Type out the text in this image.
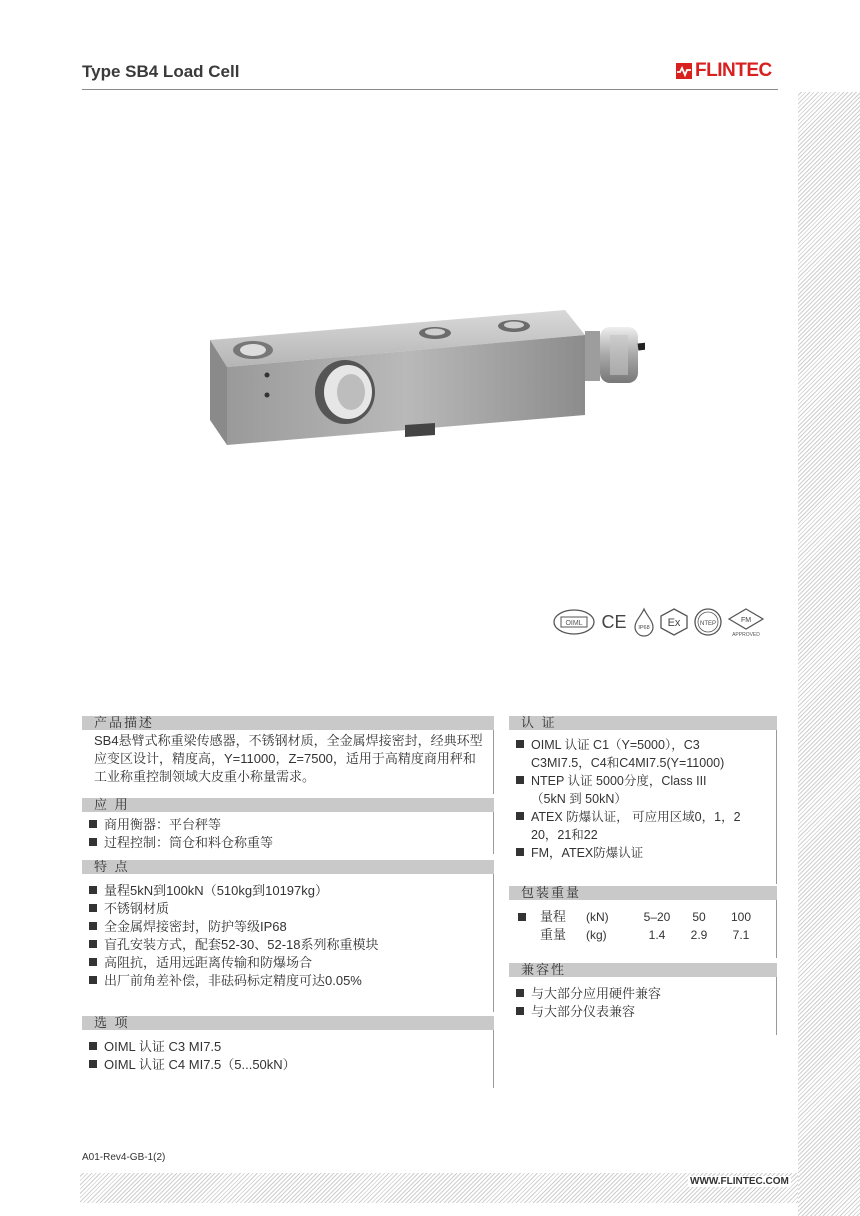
Type SB4 Load Cell	FLINTEC
OIML CE IP68 Ex	NTEP	FM
APPROVED
产品描述
SB4悬臂式称重梁传感器，不锈钢材质，全金属焊接密封，经典环型应变区设计，精度高，Y=11000，Z=7500，适用于高精度商用秤和工业称重控制领域大皮重小称量需求。
应 用
商用衡器：平台秤等
过程控制：筒仓和料仓称重等
特 点
量程5kN到100kN（510kg到10197kg）
不锈钢材质
全金属焊接密封，防护等级IP68
盲孔安装方式，配套52-30、52-18系列称重模块
高阻抗，适用远距离传输和防爆场合
出厂前角差补偿，非砝码标定精度可达0.05%
选 项
OIML 认证 C3 MI7.5
OIML 认证 C4 MI7.5（5...50kN）
认 证
OIML 认证 C1（Y=5000），C3
C3MI7.5，C4和C4MI7.5(Y=11000)
NTEP 认证 5000分度，Class III
（5kN 到 50kN）
ATEX 防爆认证， 可应用区域0，1，2
20，21和22
FM，ATEX防爆认证
包装重量
	量程	(kN)	5–20	50	100
	重量	(kg)	1.4	2.9	7.1
兼容性
与大部分应用硬件兼容
与大部分仪表兼容
A01-Rev4-GB-1(2)
WWW.FLINTEC.COM
